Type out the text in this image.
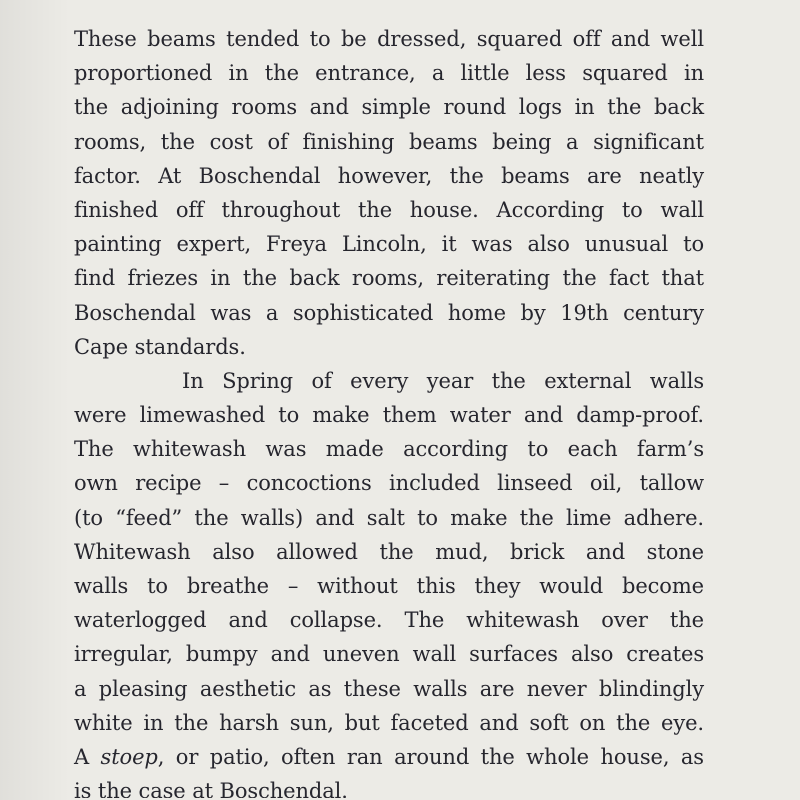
These beams tended to be dressed, squared off and well
proportioned in the entrance, a little less squared in
the adjoining rooms and simple round logs in the back
rooms, the cost of finishing beams being a significant
factor. At Boschendal however, the beams are neatly
finished off throughout the house. According to wall
painting expert, Freya Lincoln, it was also unusual to
find friezes in the back rooms, reiterating the fact that
Boschendal was a sophisticated home by 19th century
Cape standards.
In Spring of every year the external walls
were limewashed to make them water and damp-proof.
The whitewash was made according to each farm’s
own recipe – concoctions included linseed oil, tallow
(to “feed” the walls) and salt to make the lime adhere.
Whitewash also allowed the mud, brick and stone
walls to breathe – without this they would become
waterlogged and collapse. The whitewash over the
irregular, bumpy and uneven wall surfaces also creates
a pleasing aesthetic as these walls are never blindingly
white in the harsh sun, but faceted and soft on the eye.
A stoep, or patio, often ran around the whole house, as
is the case at Boschendal.
